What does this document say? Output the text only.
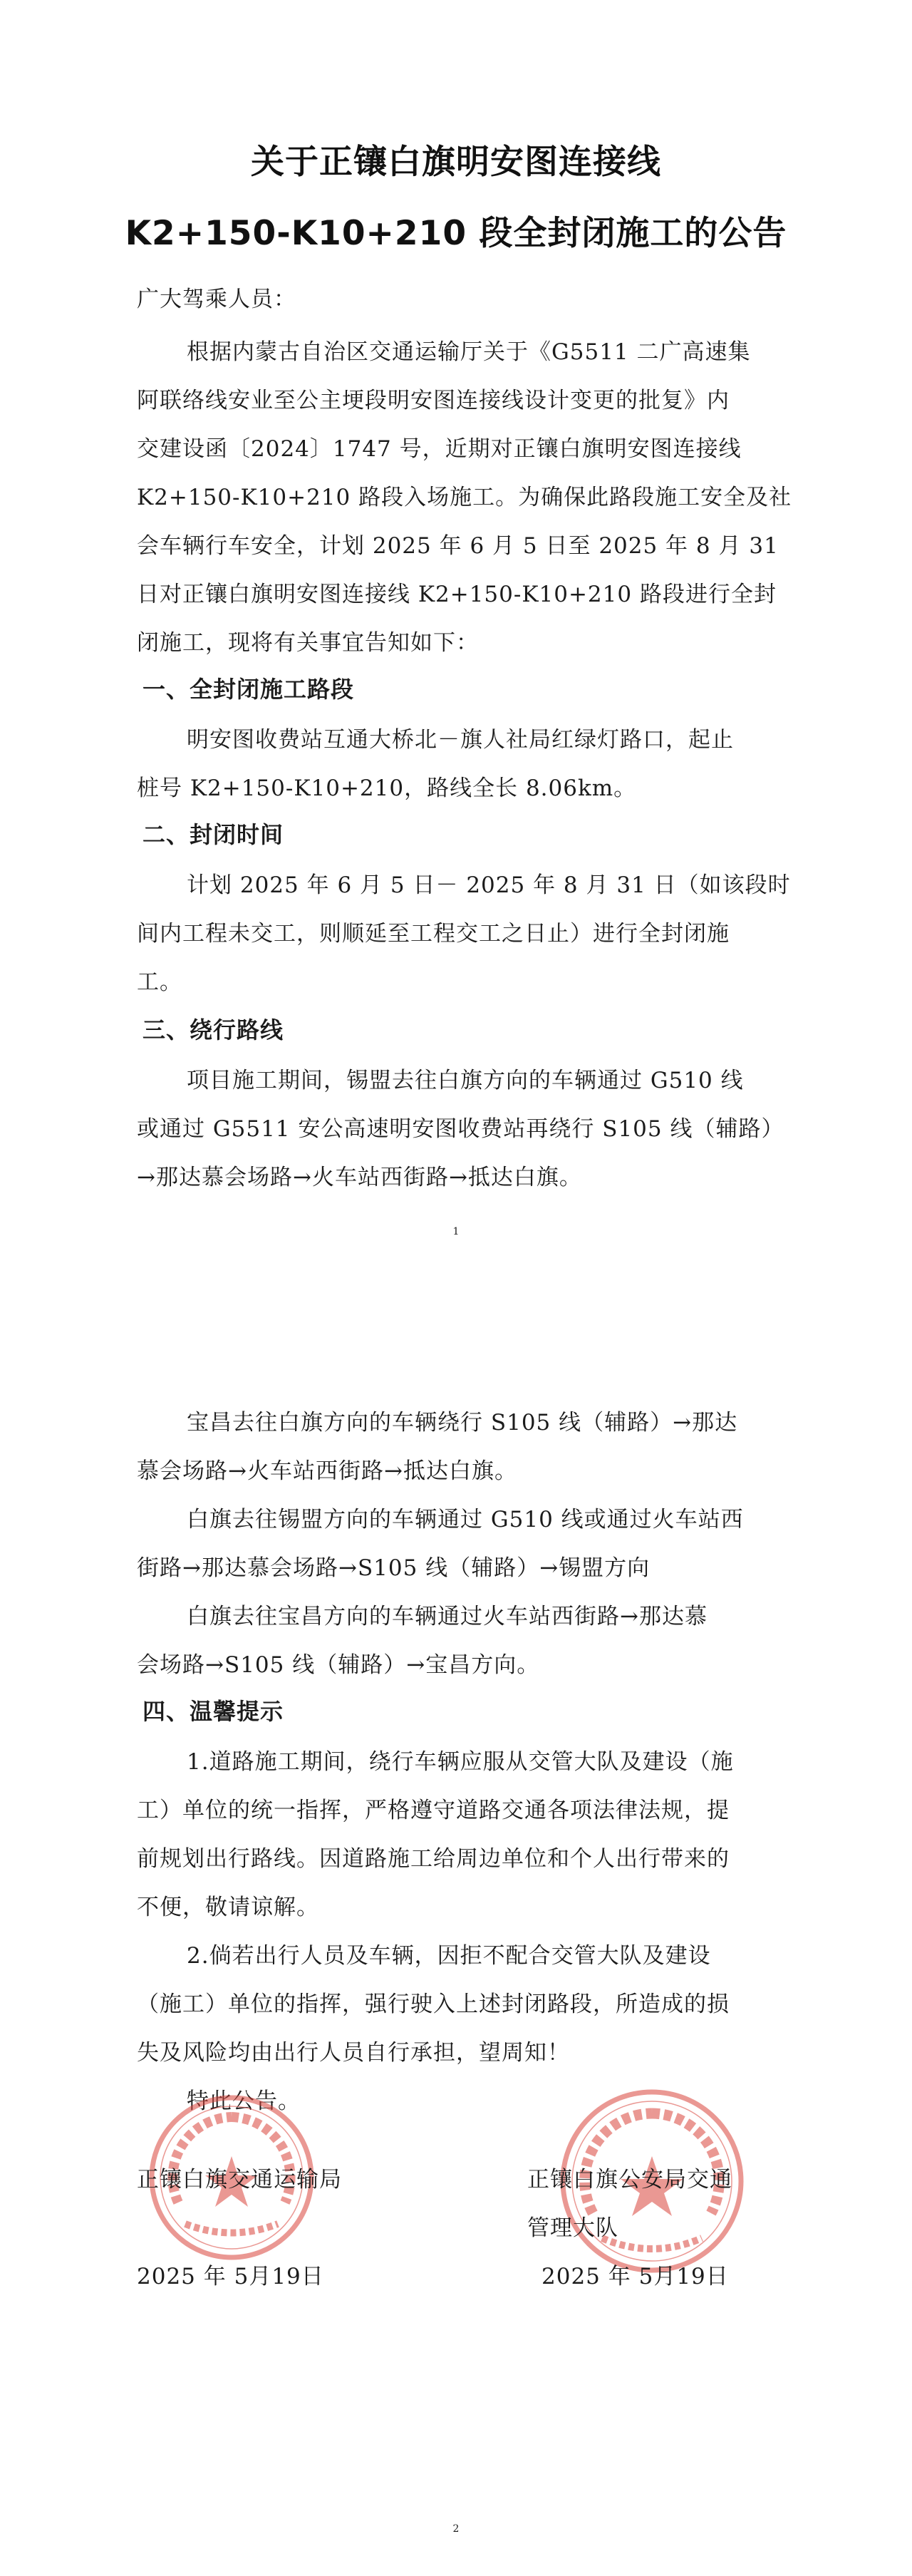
关于正镶白旗明安图连接线
K2+150-K10+210 段全封闭施工的公告
广大驾乘人员：
根据内蒙古自治区交通运输厅关于《G5511 二广高速集
阿联络线安业至公主埂段明安图连接线设计变更的批复》内
交建设函〔2024〕1747 号，近期对正镶白旗明安图连接线
K2+150-K10+210 路段入场施工。为确保此路段施工安全及社
会车辆行车安全，计划 2025 年 6 月 5 日至 2025 年 8 月 31
日对正镶白旗明安图连接线 K2+150-K10+210 路段进行全封
闭施工，现将有关事宜告知如下：
一、全封闭施工路段
明安图收费站互通大桥北－旗人社局红绿灯路口，起止
桩号 K2+150-K10+210，路线全长 8.06km。
二、封闭时间
计划 2025 年 6 月 5 日－ 2025 年 8 月 31 日（如该段时
间内工程未交工，则顺延至工程交工之日止）进行全封闭施
工。
三、绕行路线
项目施工期间，锡盟去往白旗方向的车辆通过 G510 线
或通过 G5511 安公高速明安图收费站再绕行 S105 线（辅路）
→那达慕会场路→火车站西街路→抵达白旗。
1
宝昌去往白旗方向的车辆绕行 S105 线（辅路）→那达
慕会场路→火车站西街路→抵达白旗。
白旗去往锡盟方向的车辆通过 G510 线或通过火车站西
街路→那达慕会场路→S105 线（辅路）→锡盟方向
白旗去往宝昌方向的车辆通过火车站西街路→那达慕
会场路→S105 线（辅路）→宝昌方向。
四、温馨提示
1.道路施工期间，绕行车辆应服从交管大队及建设（施
工）单位的统一指挥，严格遵守道路交通各项法律法规，提
前规划出行路线。因道路施工给周边单位和个人出行带来的
不便，敬请谅解。
2.倘若出行人员及车辆，因拒不配合交管大队及建设
（施工）单位的指挥，强行驶入上述封闭路段，所造成的损
失及风险均由出行人员自行承担，望周知！
特此公告。
正镶白旗交通运输局	正镶白旗公安局交通
管理大队
2025 年 5月19日	2025 年 5月19日
2
